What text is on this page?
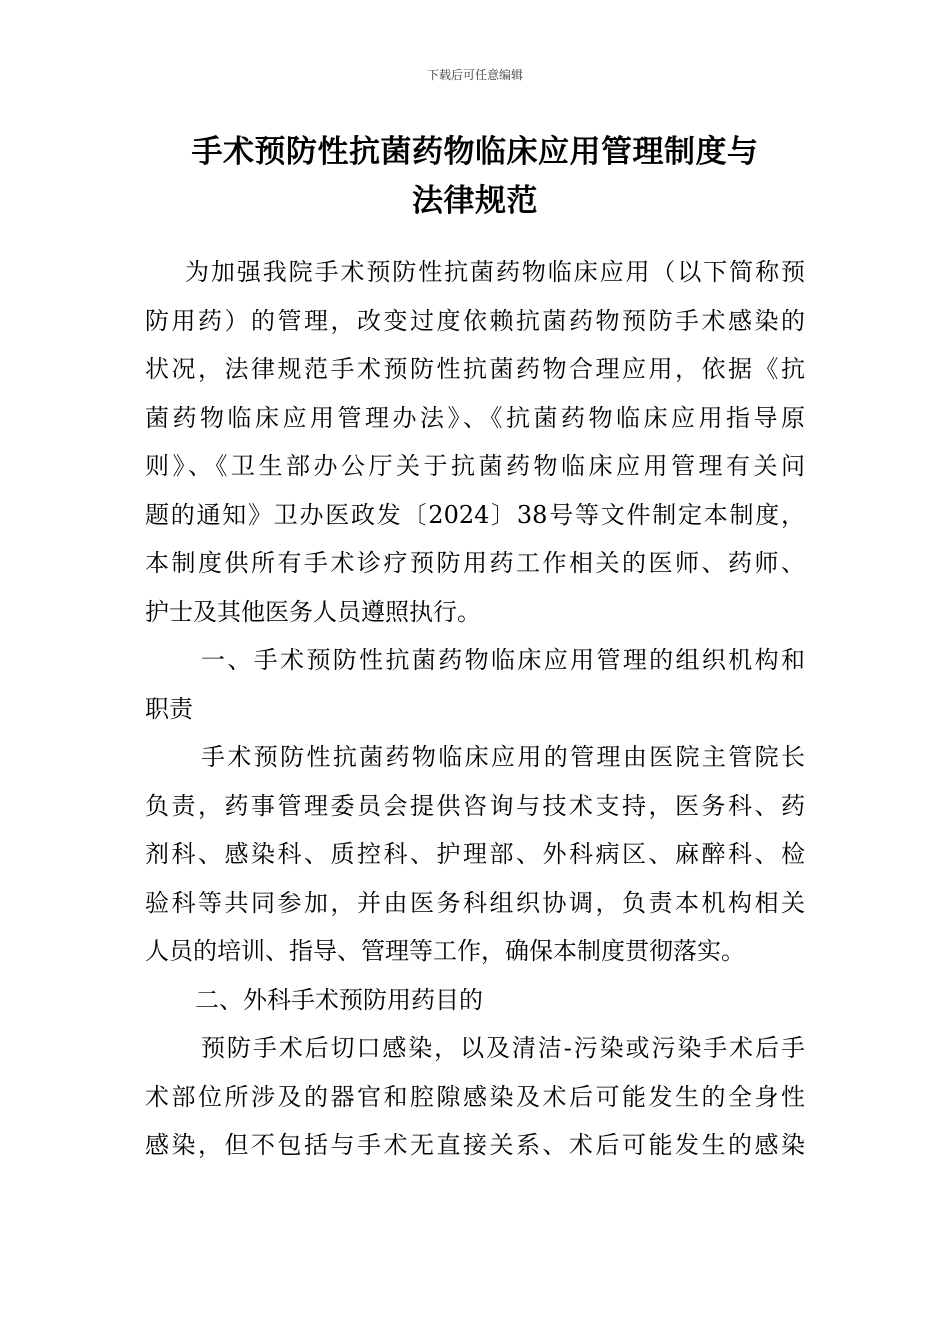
下载后可任意编辑
手术预防性抗菌药物临床应用管理制度与
法律规范
为加强我院手术预防性抗菌药物临床应用（以下简称预
防用药）的管理，改变过度依赖抗菌药物预防手术感染的
状况，法律规范手术预防性抗菌药物合理应用，依据《抗
菌药物临床应用管理办法》、《抗菌药物临床应用指导原
则》、《卫生部办公厅关于抗菌药物临床应用管理有关问
题的通知》卫办医政发〔2024〕38号等文件制定本制度，
本制度供所有手术诊疗预防用药工作相关的医师、药师、
护士及其他医务人员遵照执行。
一、手术预防性抗菌药物临床应用管理的组织机构和
职责
手术预防性抗菌药物临床应用的管理由医院主管院长
负责，药事管理委员会提供咨询与技术支持，医务科、药
剂科、感染科、质控科、护理部、外科病区、麻醉科、检
验科等共同参加，并由医务科组织协调，负责本机构相关
人员的培训、指导、管理等工作，确保本制度贯彻落实。
二、外科手术预防用药目的
预防手术后切口感染，以及清洁-污染或污染手术后手
术部位所涉及的器官和腔隙感染及术后可能发生的全身性
感染，但不包括与手术无直接关系、术后可能发生的感染
